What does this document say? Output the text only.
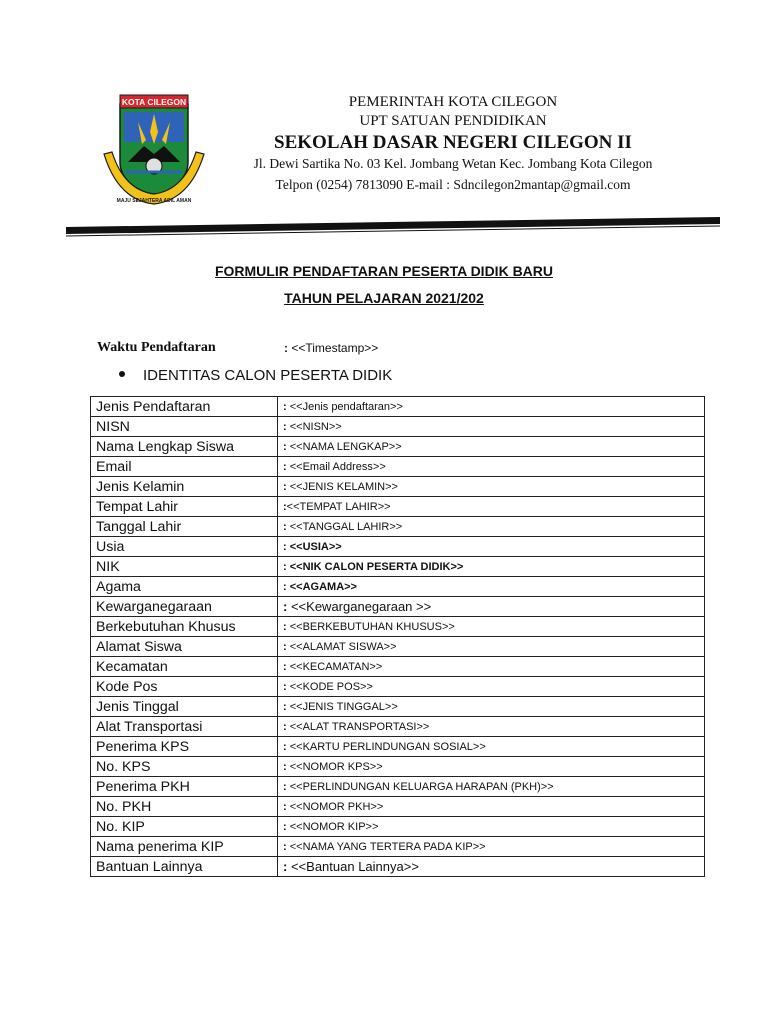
KOTA CILEGON
MAJU SEJAHTERA ADIL AMAN
PEMERINTAH KOTA CILEGON
UPT SATUAN PENDIDIKAN
SEKOLAH DASAR NEGERI CILEGON II
Jl. Dewi Sartika No. 03 Kel. Jombang Wetan Kec. Jombang Kota Cilegon
Telpon (0254) 7813090 E-mail : Sdncilegon2mantap@gmail.com
FORMULIR PENDAFTARAN PESERTA DIDIK BARU
TAHUN PELAJARAN 2021/202
Waktu Pendaftaran	: <<Timestamp>>
IDENTITAS CALON PESERTA DIDIK
Jenis Pendaftaran	: <<Jenis pendaftaran>>
NISN	: <<NISN>>
Nama Lengkap Siswa	: <<NAMA LENGKAP>>
Email	: <<Email Address>>
Jenis Kelamin	: <<JENIS KELAMIN>>
Tempat Lahir	:<<TEMPAT LAHIR>>
Tanggal Lahir	: <<TANGGAL LAHIR>>
Usia	: <<USIA>>
NIK	: <<NIK CALON PESERTA DIDIK>>
Agama	: <<AGAMA>>
Kewarganegaraan	: <<Kewarganegaraan >>
Berkebutuhan Khusus	: <<BERKEBUTUHAN KHUSUS>>
Alamat Siswa	: <<ALAMAT SISWA>>
Kecamatan	: <<KECAMATAN>>
Kode Pos	: <<KODE POS>>
Jenis Tinggal	: <<JENIS TINGGAL>>
Alat Transportasi	: <<ALAT TRANSPORTASI>>
Penerima KPS	: <<KARTU PERLINDUNGAN SOSIAL>>
No. KPS	: <<NOMOR KPS>>
Penerima PKH	: <<PERLINDUNGAN KELUARGA HARAPAN (PKH)>>
No. PKH	: <<NOMOR PKH>>
No. KIP	: <<NOMOR KIP>>
Nama penerima KIP	: <<NAMA YANG TERTERA PADA KIP>>
Bantuan Lainnya	: <<Bantuan Lainnya>>
